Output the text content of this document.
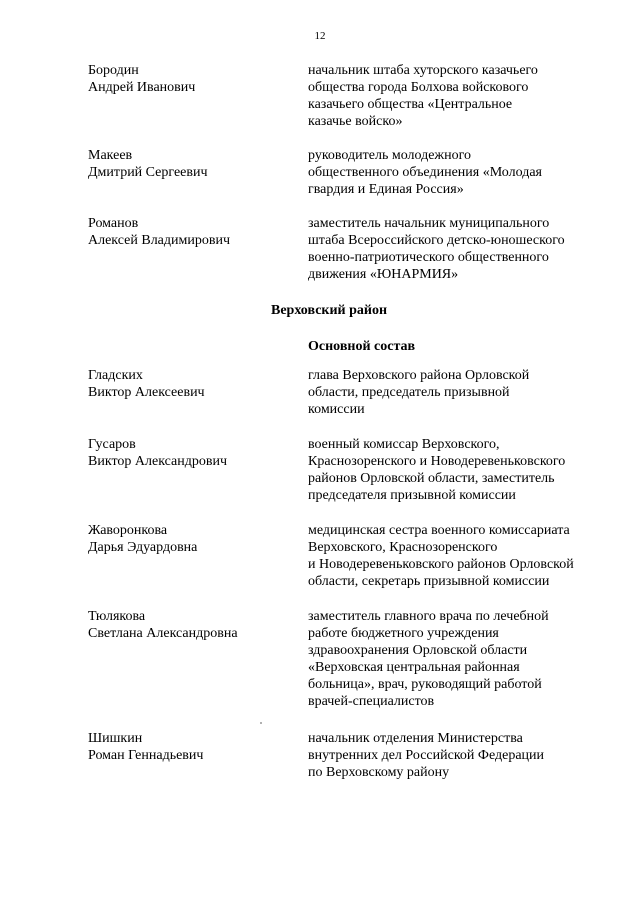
12
Бородин
Андрей Иванович
начальник штаба хуторского казачьего
общества города Болхова войскового
казачьего общества «Центральное
казачье войско»
Макеев
Дмитрий Сергеевич
руководитель молодежного
общественного объединения «Молодая
гвардия и Единая Россия»
Романов
Алексей Владимирович
заместитель начальник муниципального
штаба Всероссийского детско-юношеского
военно-патриотического общественного
движения «ЮНАРМИЯ»
Верховский район
Основной состав
Гладских
Виктор Алексеевич
глава Верховского района Орловской
области, председатель призывной
комиссии
Гусаров
Виктор Александрович
военный комиссар Верховского,
Краснозоренского и Новодеревеньковского
районов Орловской области, заместитель
председателя призывной комиссии
Жаворонкова
Дарья Эдуардовна
медицинская сестра военного комиссариата
Верховского, Краснозоренского
и Новодеревеньковского районов Орловской
области, секретарь призывной комиссии
Тюлякова
Светлана Александровна
заместитель главного врача по лечебной
работе бюджетного учреждения
здравоохранения Орловской области
«Верховская центральная районная
больница», врач, руководящий работой
врачей-специалистов
Шишкин
Роман Геннадьевич
начальник отделения Министерства
внутренних дел Российской Федерации
по Верховскому району
